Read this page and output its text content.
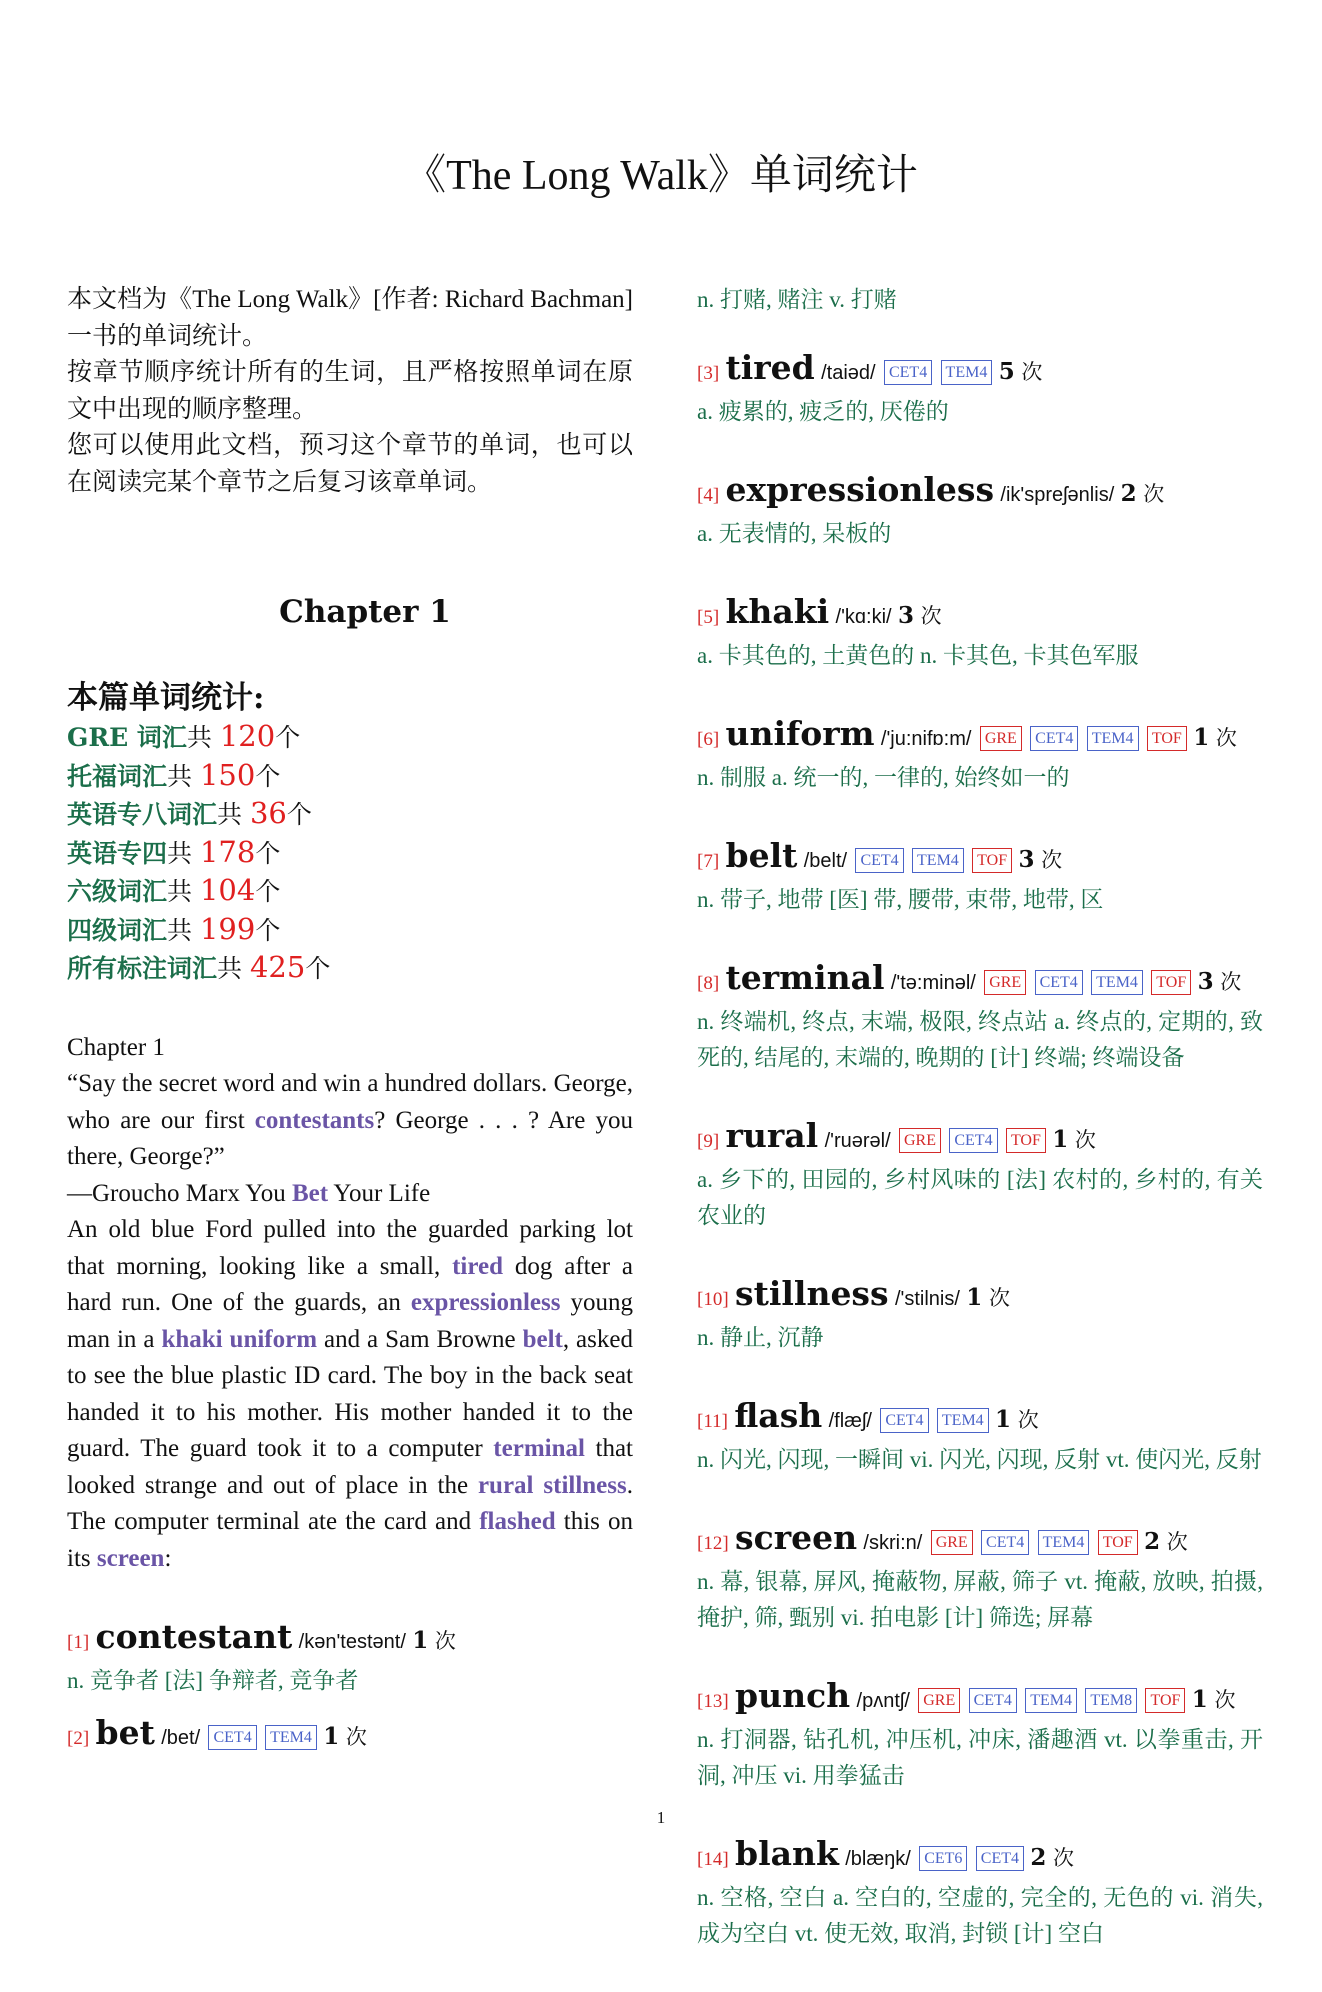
《The Long Walk》单词统计

本文档为《The Long Walk》[作者: Richard Bachman] 一书的单词统计。

按章节顺序统计所有的生词，且严格按照单词在原文中出现的顺序整理。

您可以使用此文档，预习这个章节的单词，也可以在阅读完某个章节之后复习该章单词。

Chapter 1
本篇单词统计:
GRE 词汇共 120个
托福词汇共 150个
英语专八词汇共 36个
英语专四共 178个
六级词汇共 104个
四级词汇共 199个
所有标注词汇共 425个
Chapter 1
“Say the secret word and win a hundred dollars. George, who are our first contestants? George . . . ? Are you there, George?”
—Groucho Marx You Bet Your Life
An old blue Ford pulled into the guarded parking lot that morning, looking like a small, tired dog after a hard run. One of the guards, an expressionless young man in a khaki uniform and a Sam Browne belt, asked to see the blue plastic ID card. The boy in the back seat handed it to his mother. His mother handed it to the guard. The guard took it to a computer terminal that looked strange and out of place in the rural stillness. The computer terminal ate the card and flashed this on its screen:
[1] contestant /kən'testənt/ 1 次
n. 竞争者 [法] 争辩者, 竞争者
[2] bet /bet/ CET4 TEM4 1 次
n. 打赌, 赌注 v. 打赌
[3] tired /taiəd/ CET4 TEM4 5 次
a. 疲累的, 疲乏的, 厌倦的
[4] expressionless /ik'spreʃənlis/ 2 次
a. 无表情的, 呆板的
[5] khaki /'kɑ:ki/ 3 次
a. 卡其色的, 土黄色的 n. 卡其色, 卡其色军服
[6] uniform /'ju:nifɒ:m/ GRE CET4 TEM4 TOF 1 次
n. 制服 a. 统一的, 一律的, 始终如一的
[7] belt /belt/ CET4 TEM4 TOF 3 次
n. 带子, 地带 [医] 带, 腰带, 束带, 地带, 区
[8] terminal /'tə:minəl/ GRE CET4 TEM4 TOF 3 次
n. 终端机, 终点, 末端, 极限, 终点站 a. 终点的, 定期的, 致死的, 结尾的, 末端的, 晚期的 [计] 终端; 终端设备
[9] rural /'ruərəl/ GRE CET4 TOF 1 次
a. 乡下的, 田园的, 乡村风味的 [法] 农村的, 乡村的, 有关农业的
[10] stillness /'stilnis/ 1 次
n. 静止, 沉静
[11] flash /flæʃ/ CET4 TEM4 1 次
n. 闪光, 闪现, 一瞬间 vi. 闪光, 闪现, 反射 vt. 使闪光, 反射
[12] screen /skri:n/ GRE CET4 TEM4 TOF 2 次
n. 幕, 银幕, 屏风, 掩蔽物, 屏蔽, 筛子 vt. 掩蔽, 放映, 拍摄, 掩护, 筛, 甄别 vi. 拍电影 [计] 筛选; 屏幕
[13] punch /pʌntʃ/ GRE CET4 TEM4 TEM8 TOF 1 次
n. 打洞器, 钻孔机, 冲压机, 冲床, 潘趣酒 vt. 以拳重击, 开洞, 冲压 vi. 用拳猛击
[14] blank /blæŋk/ CET6 CET4 2 次
n. 空格, 空白 a. 空白的, 空虚的, 完全的, 无色的 vi. 消失, 成为空白 vt. 使无效, 取消, 封锁 [计] 空白
1
